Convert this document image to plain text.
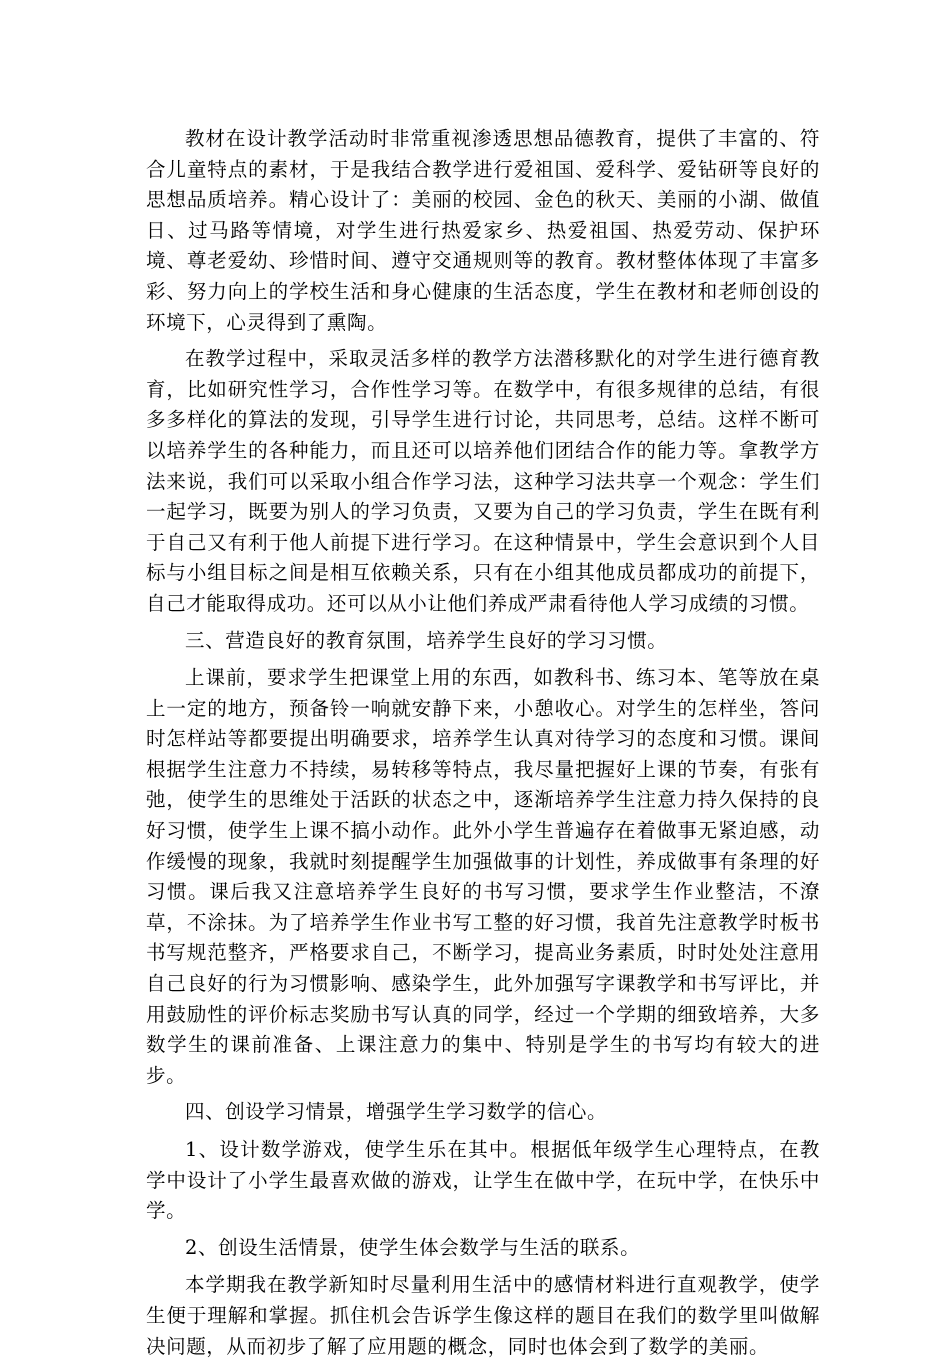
教材在设计教学活动时非常重视渗透思想品德教育，提供了丰富的、符合儿童特点的素材，于是我结合教学进行爱祖国、爱科学、爱钻研等良好的思想品质培养。精心设计了：美丽的校园、金色的秋天、美丽的小湖、做值日、过马路等情境，对学生进行热爱家乡、热爱祖国、热爱劳动、保护环境、尊老爱幼、珍惜时间、遵守交通规则等的教育。教材整体体现了丰富多彩、努力向上的学校生活和身心健康的生活态度，学生在教材和老师创设的环境下，心灵得到了熏陶。

在教学过程中，采取灵活多样的教学方法潜移默化的对学生进行德育教育，比如研究性学习，合作性学习等。在数学中，有很多规律的总结，有很多多样化的算法的发现，引导学生进行讨论，共同思考，总结。这样不断可以培养学生的各种能力，而且还可以培养他们团结合作的能力等。拿教学方法来说，我们可以采取小组合作学习法，这种学习法共享一个观念：学生们一起学习，既要为别人的学习负责，又要为自己的学习负责，学生在既有利于自己又有利于他人前提下进行学习。在这种情景中，学生会意识到个人目标与小组目标之间是相互依赖关系，只有在小组其他成员都成功的前提下，自己才能取得成功。还可以从小让他们养成严肃看待他人学习成绩的习惯。

三、营造良好的教育氛围，培养学生良好的学习习惯。

上课前，要求学生把课堂上用的东西，如教科书、练习本、笔等放在桌上一定的地方，预备铃一响就安静下来，小憩收心。对学生的怎样坐，答问时怎样站等都要提出明确要求，培养学生认真对待学习的态度和习惯。课间根据学生注意力不持续，易转移等特点，我尽量把握好上课的节奏，有张有弛，使学生的思维处于活跃的状态之中，逐渐培养学生注意力持久保持的良好习惯，使学生上课不搞小动作。此外小学生普遍存在着做事无紧迫感，动作缓慢的现象，我就时刻提醒学生加强做事的计划性，养成做事有条理的好习惯。课后我又注意培养学生良好的书写习惯，要求学生作业整洁，不潦草，不涂抹。为了培养学生作业书写工整的好习惯，我首先注意教学时板书书写规范整齐，严格要求自己，不断学习，提高业务素质，时时处处注意用自己良好的行为习惯影响、感染学生，此外加强写字课教学和书写评比，并用鼓励性的评价标志奖励书写认真的同学，经过一个学期的细致培养，大多数学生的课前准备、上课注意力的集中、特别是学生的书写均有较大的进步。

四、创设学习情景，增强学生学习数学的信心。

1、设计数学游戏，使学生乐在其中。根据低年级学生心理特点，在教学中设计了小学生最喜欢做的游戏，让学生在做中学，在玩中学，在快乐中学。

2、创设生活情景，使学生体会数学与生活的联系。

本学期我在教学新知时尽量利用生活中的感情材料进行直观教学，使学生便于理解和掌握。抓住机会告诉学生像这样的题目在我们的数学里叫做解决问题，从而初步了解了应用题的概念，同时也体会到了数学的美丽。
